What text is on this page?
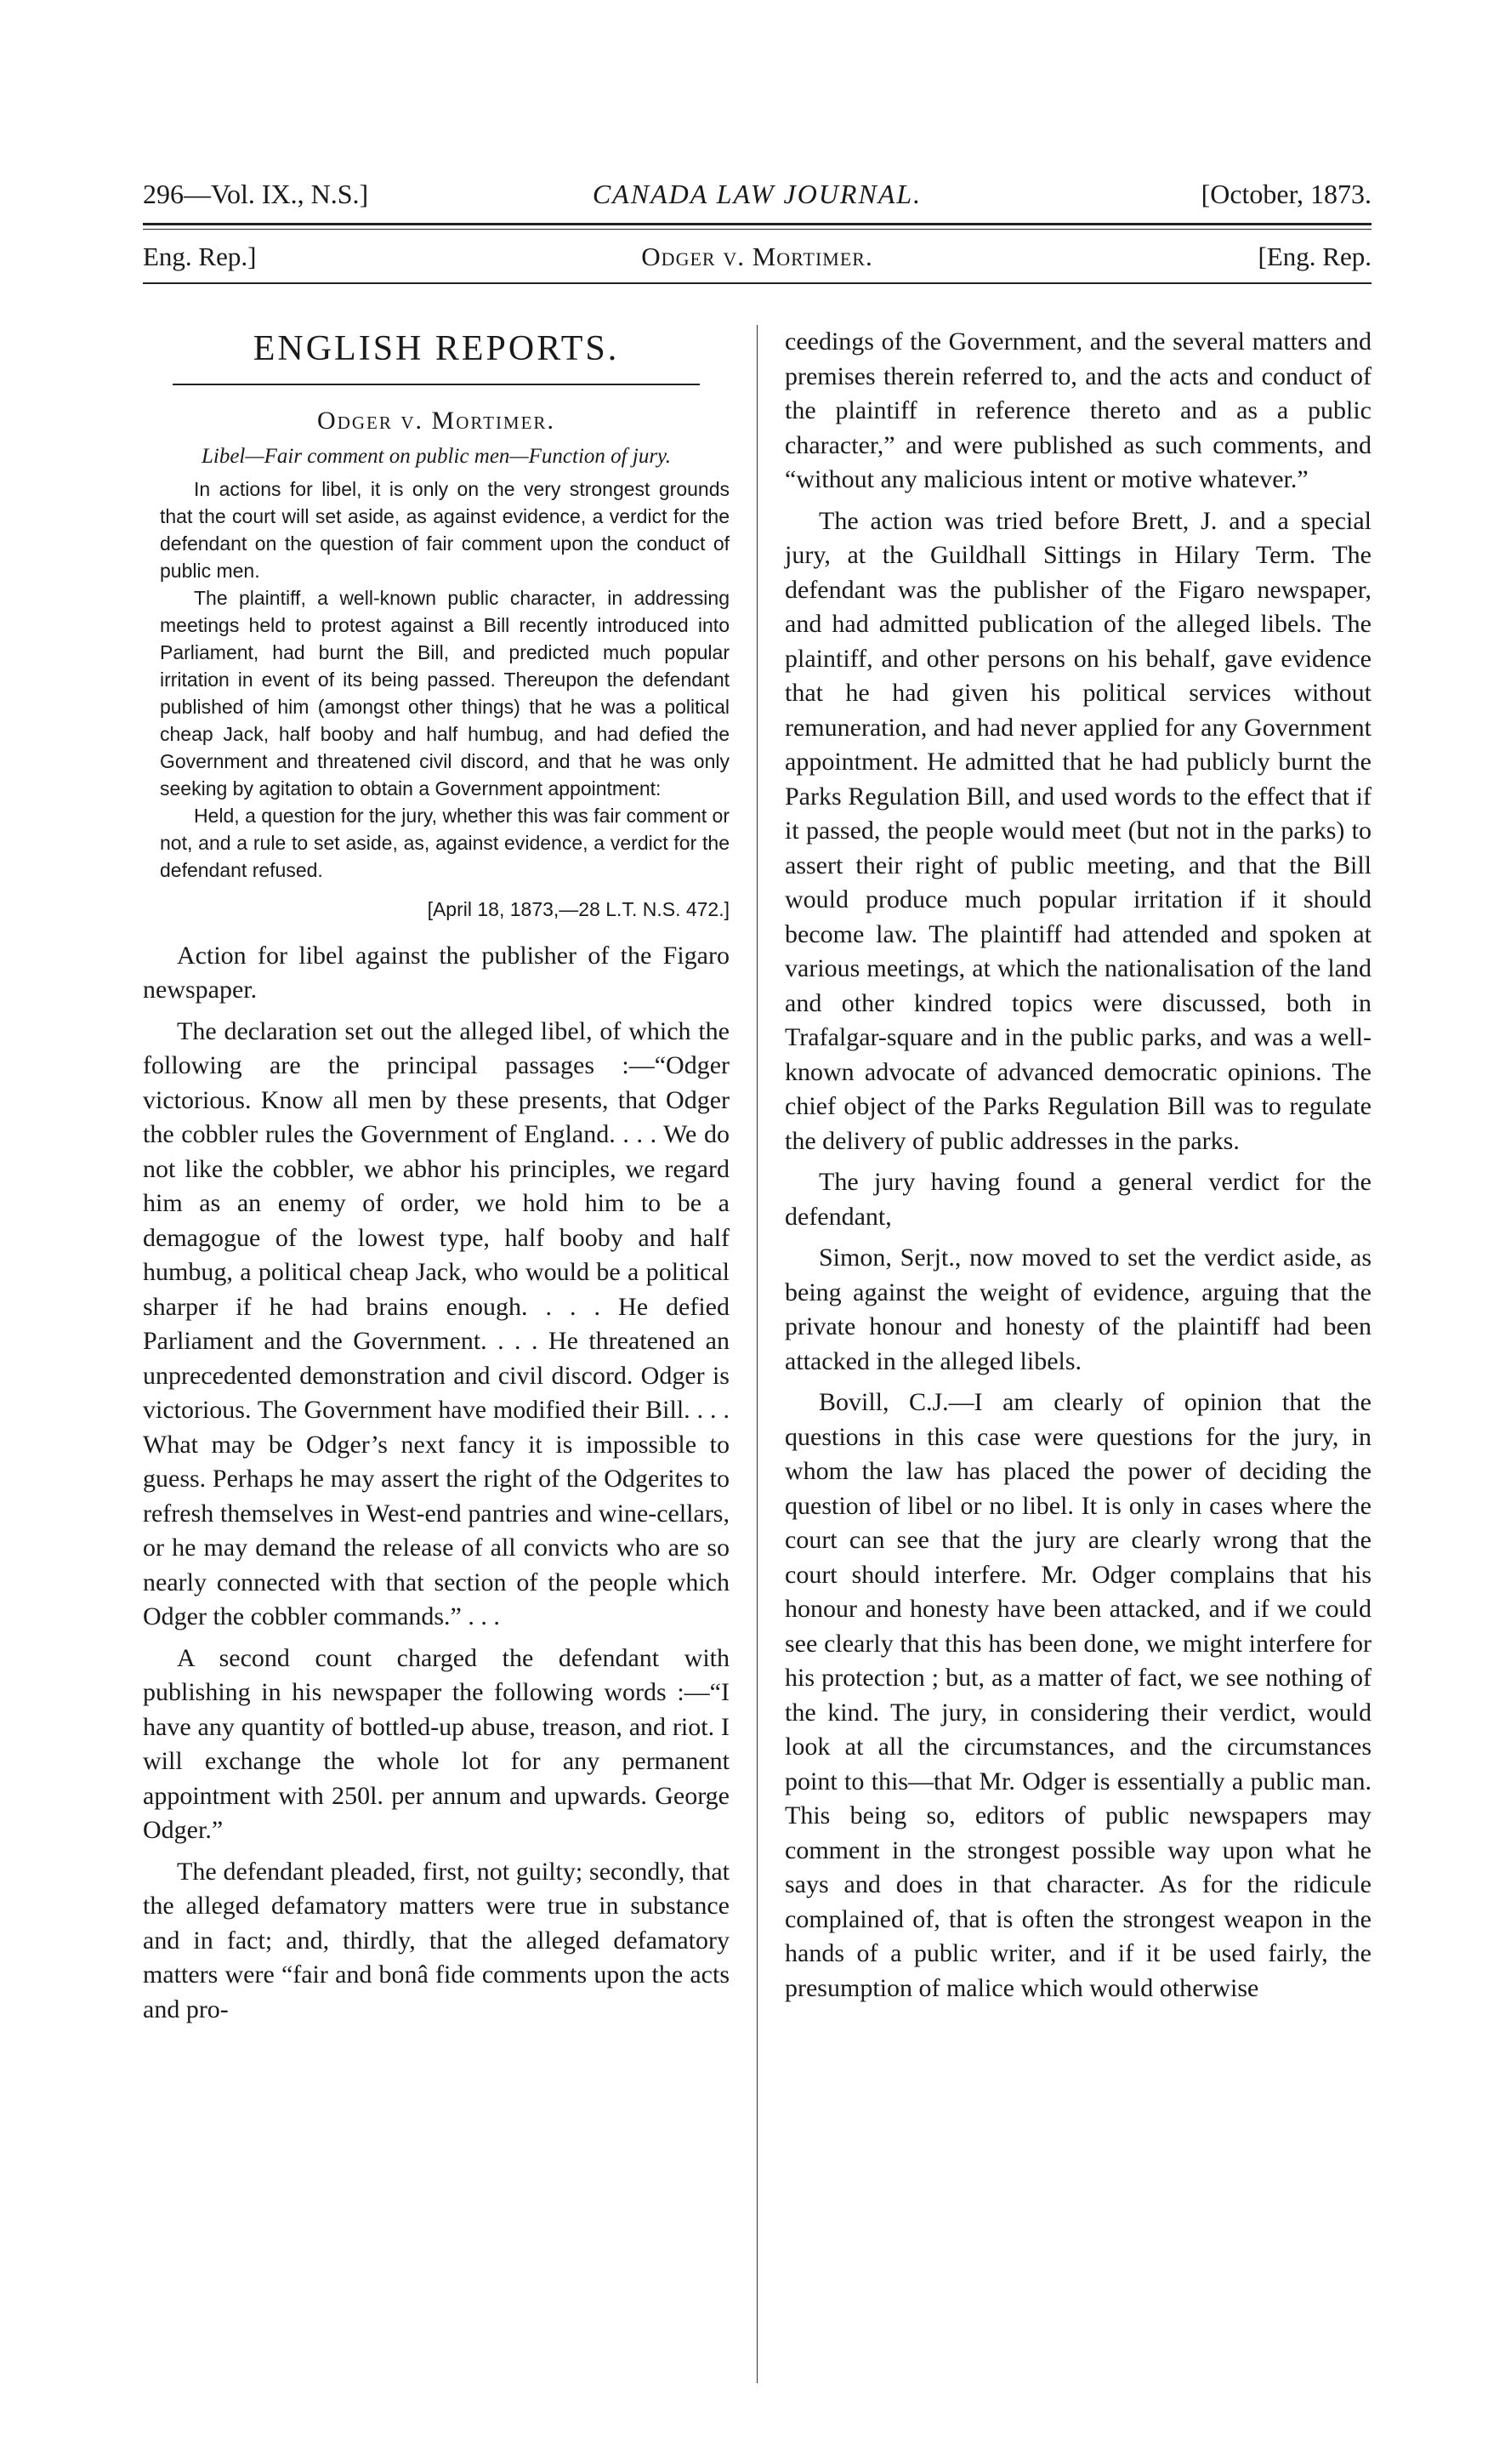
296—Vol. IX., N.S.]	CANADA LAW JOURNAL.	[October, 1873.
Eng. Rep.]	Odger v. Mortimer.	[Eng. Rep.
ENGLISH REPORTS.
Odger v. Mortimer.
Libel—Fair comment on public men—Function of jury.

In actions for libel, it is only on the very strongest grounds that the court will set aside, as against evidence, a verdict for the defendant on the question of fair comment upon the conduct of public men.

The plaintiff, a well-known public character, in addressing meetings held to protest against a Bill recently introduced into Parliament, had burnt the Bill, and predicted much popular irritation in event of its being passed. Thereupon the defendant published of him (amongst other things) that he was a political cheap Jack, half booby and half humbug, and had defied the Government and threatened civil discord, and that he was only seeking by agitation to obtain a Government appointment:

Held, a question for the jury, whether this was fair comment or not, and a rule to set aside, as, against evidence, a verdict for the defendant refused.

[April 18, 1873,—28 L.T. N.S. 472.]

Action for libel against the publisher of the Figaro newspaper.

The declaration set out the alleged libel, of which the following are the principal passages :—“Odger victorious. Know all men by these presents, that Odger the cobbler rules the Government of England. . . . We do not like the cobbler, we abhor his principles, we regard him as an enemy of order, we hold him to be a demagogue of the lowest type, half booby and half humbug, a political cheap Jack, who would be a political sharper if he had brains enough. . . . He defied Parliament and the Government. . . . He threatened an unprecedented demonstration and civil discord. Odger is victorious. The Government have modified their Bill. . . . What may be Odger’s next fancy it is impossible to guess. Perhaps he may assert the right of the Odgerites to refresh themselves in West-end pantries and wine-cellars, or he may demand the release of all convicts who are so nearly connected with that section of the people which Odger the cobbler commands.” . . .

A second count charged the defendant with publishing in his newspaper the following words :—“I have any quantity of bottled-up abuse, treason, and riot. I will exchange the whole lot for any permanent appointment with 250l. per annum and upwards. George Odger.”

The defendant pleaded, first, not guilty; secondly, that the alleged defamatory matters were true in substance and in fact; and, thirdly, that the alleged defamatory matters were “fair and bonâ fide comments upon the acts and pro-

ceedings of the Government, and the several matters and premises therein referred to, and the acts and conduct of the plaintiff in reference thereto and as a public character,” and were published as such comments, and “without any malicious intent or motive whatever.”

The action was tried before Brett, J. and a special jury, at the Guildhall Sittings in Hilary Term. The defendant was the publisher of the Figaro newspaper, and had admitted publication of the alleged libels. The plaintiff, and other persons on his behalf, gave evidence that he had given his political services without remuneration, and had never applied for any Government appointment. He admitted that he had publicly burnt the Parks Regulation Bill, and used words to the effect that if it passed, the people would meet (but not in the parks) to assert their right of public meeting, and that the Bill would produce much popular irritation if it should become law. The plaintiff had attended and spoken at various meetings, at which the nationalisation of the land and other kindred topics were discussed, both in Trafalgar-square and in the public parks, and was a well-known advocate of advanced democratic opinions. The chief object of the Parks Regulation Bill was to regulate the delivery of public addresses in the parks.

The jury having found a general verdict for the defendant,

Simon, Serjt., now moved to set the verdict aside, as being against the weight of evidence, arguing that the private honour and honesty of the plaintiff had been attacked in the alleged libels.

Bovill, C.J.—I am clearly of opinion that the questions in this case were questions for the jury, in whom the law has placed the power of deciding the question of libel or no libel. It is only in cases where the court can see that the jury are clearly wrong that the court should interfere. Mr. Odger complains that his honour and honesty have been attacked, and if we could see clearly that this has been done, we might interfere for his protection ; but, as a matter of fact, we see nothing of the kind. The jury, in considering their verdict, would look at all the circumstances, and the circumstances point to this—that Mr. Odger is essentially a public man. This being so, editors of public newspapers may comment in the strongest possible way upon what he says and does in that character. As for the ridicule complained of, that is often the strongest weapon in the hands of a public writer, and if it be used fairly, the presumption of malice which would otherwise
